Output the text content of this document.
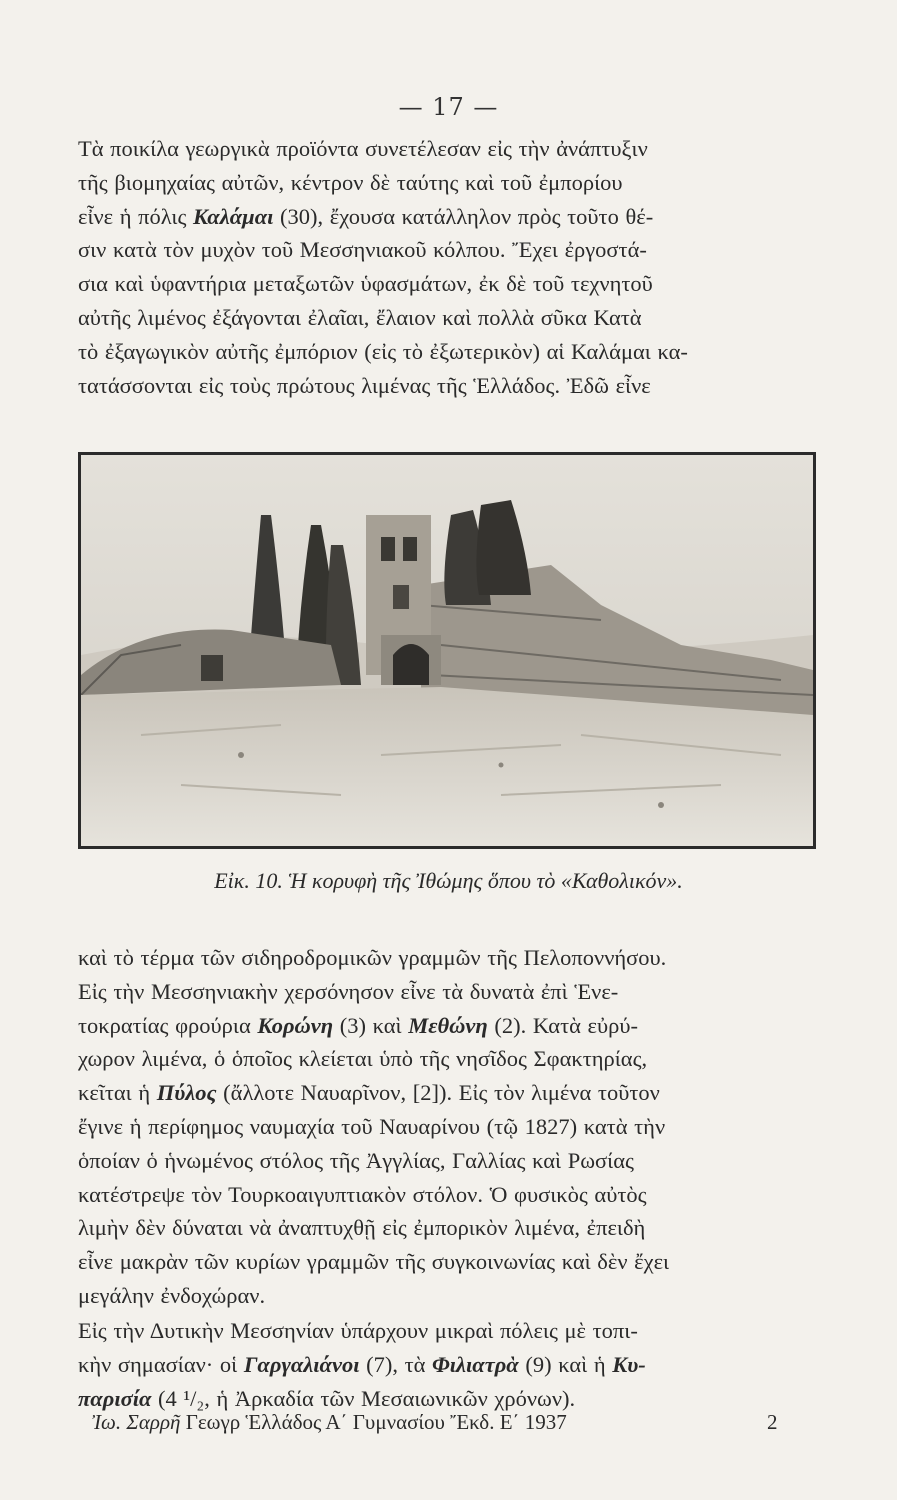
— 17 —
Τὰ ποικίλα γεωργικὰ προϊόντα συνετέλεσαν εἰς τὴν ἀνάπτυξιν
τῆς βιομηχαίας αὐτῶν, κέντρον δὲ ταύτης καὶ τοῦ ἐμπορίου
εἶνε ἡ πόλις Καλάμαι (30), ἔχουσα κατάλληλον πρὸς τοῦτο θέ-
σιν κατὰ τὸν μυχὸν τοῦ Μεσσηνιακοῦ κόλπου. Ἔχει ἐργοστά-
σια καὶ ὑφαντήρια μεταξωτῶν ὑφασμάτων, ἐκ δὲ τοῦ τεχνητοῦ
αὐτῆς λιμένος ἐξάγονται ἐλαῖαι, ἔλαιον καὶ πολλὰ σῦκα Κατὰ
τὸ ἐξαγωγικὸν αὐτῆς ἐμπόριον (εἰς τὸ ἐξωτερικὸν) αἱ Καλάμαι κα-
τατάσσονται εἰς τοὺς πρώτους λιμένας τῆς Ἑλλάδος. Ἐδῶ εἶνε
Εἰκ. 10. Ἡ κορυφὴ τῆς Ἰθώμης ὅπου τὸ «Καθολικόν».
καὶ τὸ τέρμα τῶν σιδηροδρομικῶν γραμμῶν τῆς Πελοποννήσου.
Εἰς τὴν Μεσσηνιακὴν χερσόνησον εἶνε τὰ δυνατὰ ἐπὶ Ἑνε-
τοκρατίας φρούρια Κορώνη (3) καὶ Μεθώνη (2). Κατὰ εὐρύ-
χωρον λιμένα, ὁ ὁποῖος κλείεται ὑπὸ τῆς νησῖδος Σφακτηρίας,
κεῖται ἡ Πύλος (ἄλλοτε Ναυαρῖνον, [2]). Εἰς τὸν λιμένα τοῦτον
ἔγινε ἡ περίφημος ναυμαχία τοῦ Ναυαρίνου (τῷ 1827) κατὰ τὴν
ὁποίαν ὁ ἡνωμένος στόλος τῆς Ἀγγλίας, Γαλλίας καὶ Ρωσίας
κατέστρεψε τὸν Τουρκοαιγυπτιακὸν στόλον. Ὁ φυσικὸς αὐτὸς
λιμὴν δὲν δύναται νὰ ἀναπτυχθῇ εἰς ἐμπορικὸν λιμένα, ἐπειδὴ
εἶνε μακρὰν τῶν κυρίων γραμμῶν τῆς συγκοινωνίας καὶ δὲν ἔχει
μεγάλην ἐνδοχώραν.
Εἰς τὴν Δυτικὴν Μεσσηνίαν ὑπάρχουν μικραὶ πόλεις μὲ τοπι-
κὴν σημασίαν· οἱ Γαργαλιάνοι (7), τὰ Φιλιατρὰ (9) καὶ ἡ Κυ-
παρισία (4 ¹/₂, ἡ Ἀρκαδία τῶν Μεσαιωνικῶν χρόνων).
Ἰω. Σαρρῆ Γεωγρ Ἑλλάδος Α΄ Γυμνασίου Ἔκδ. Ε΄ 1937	2
